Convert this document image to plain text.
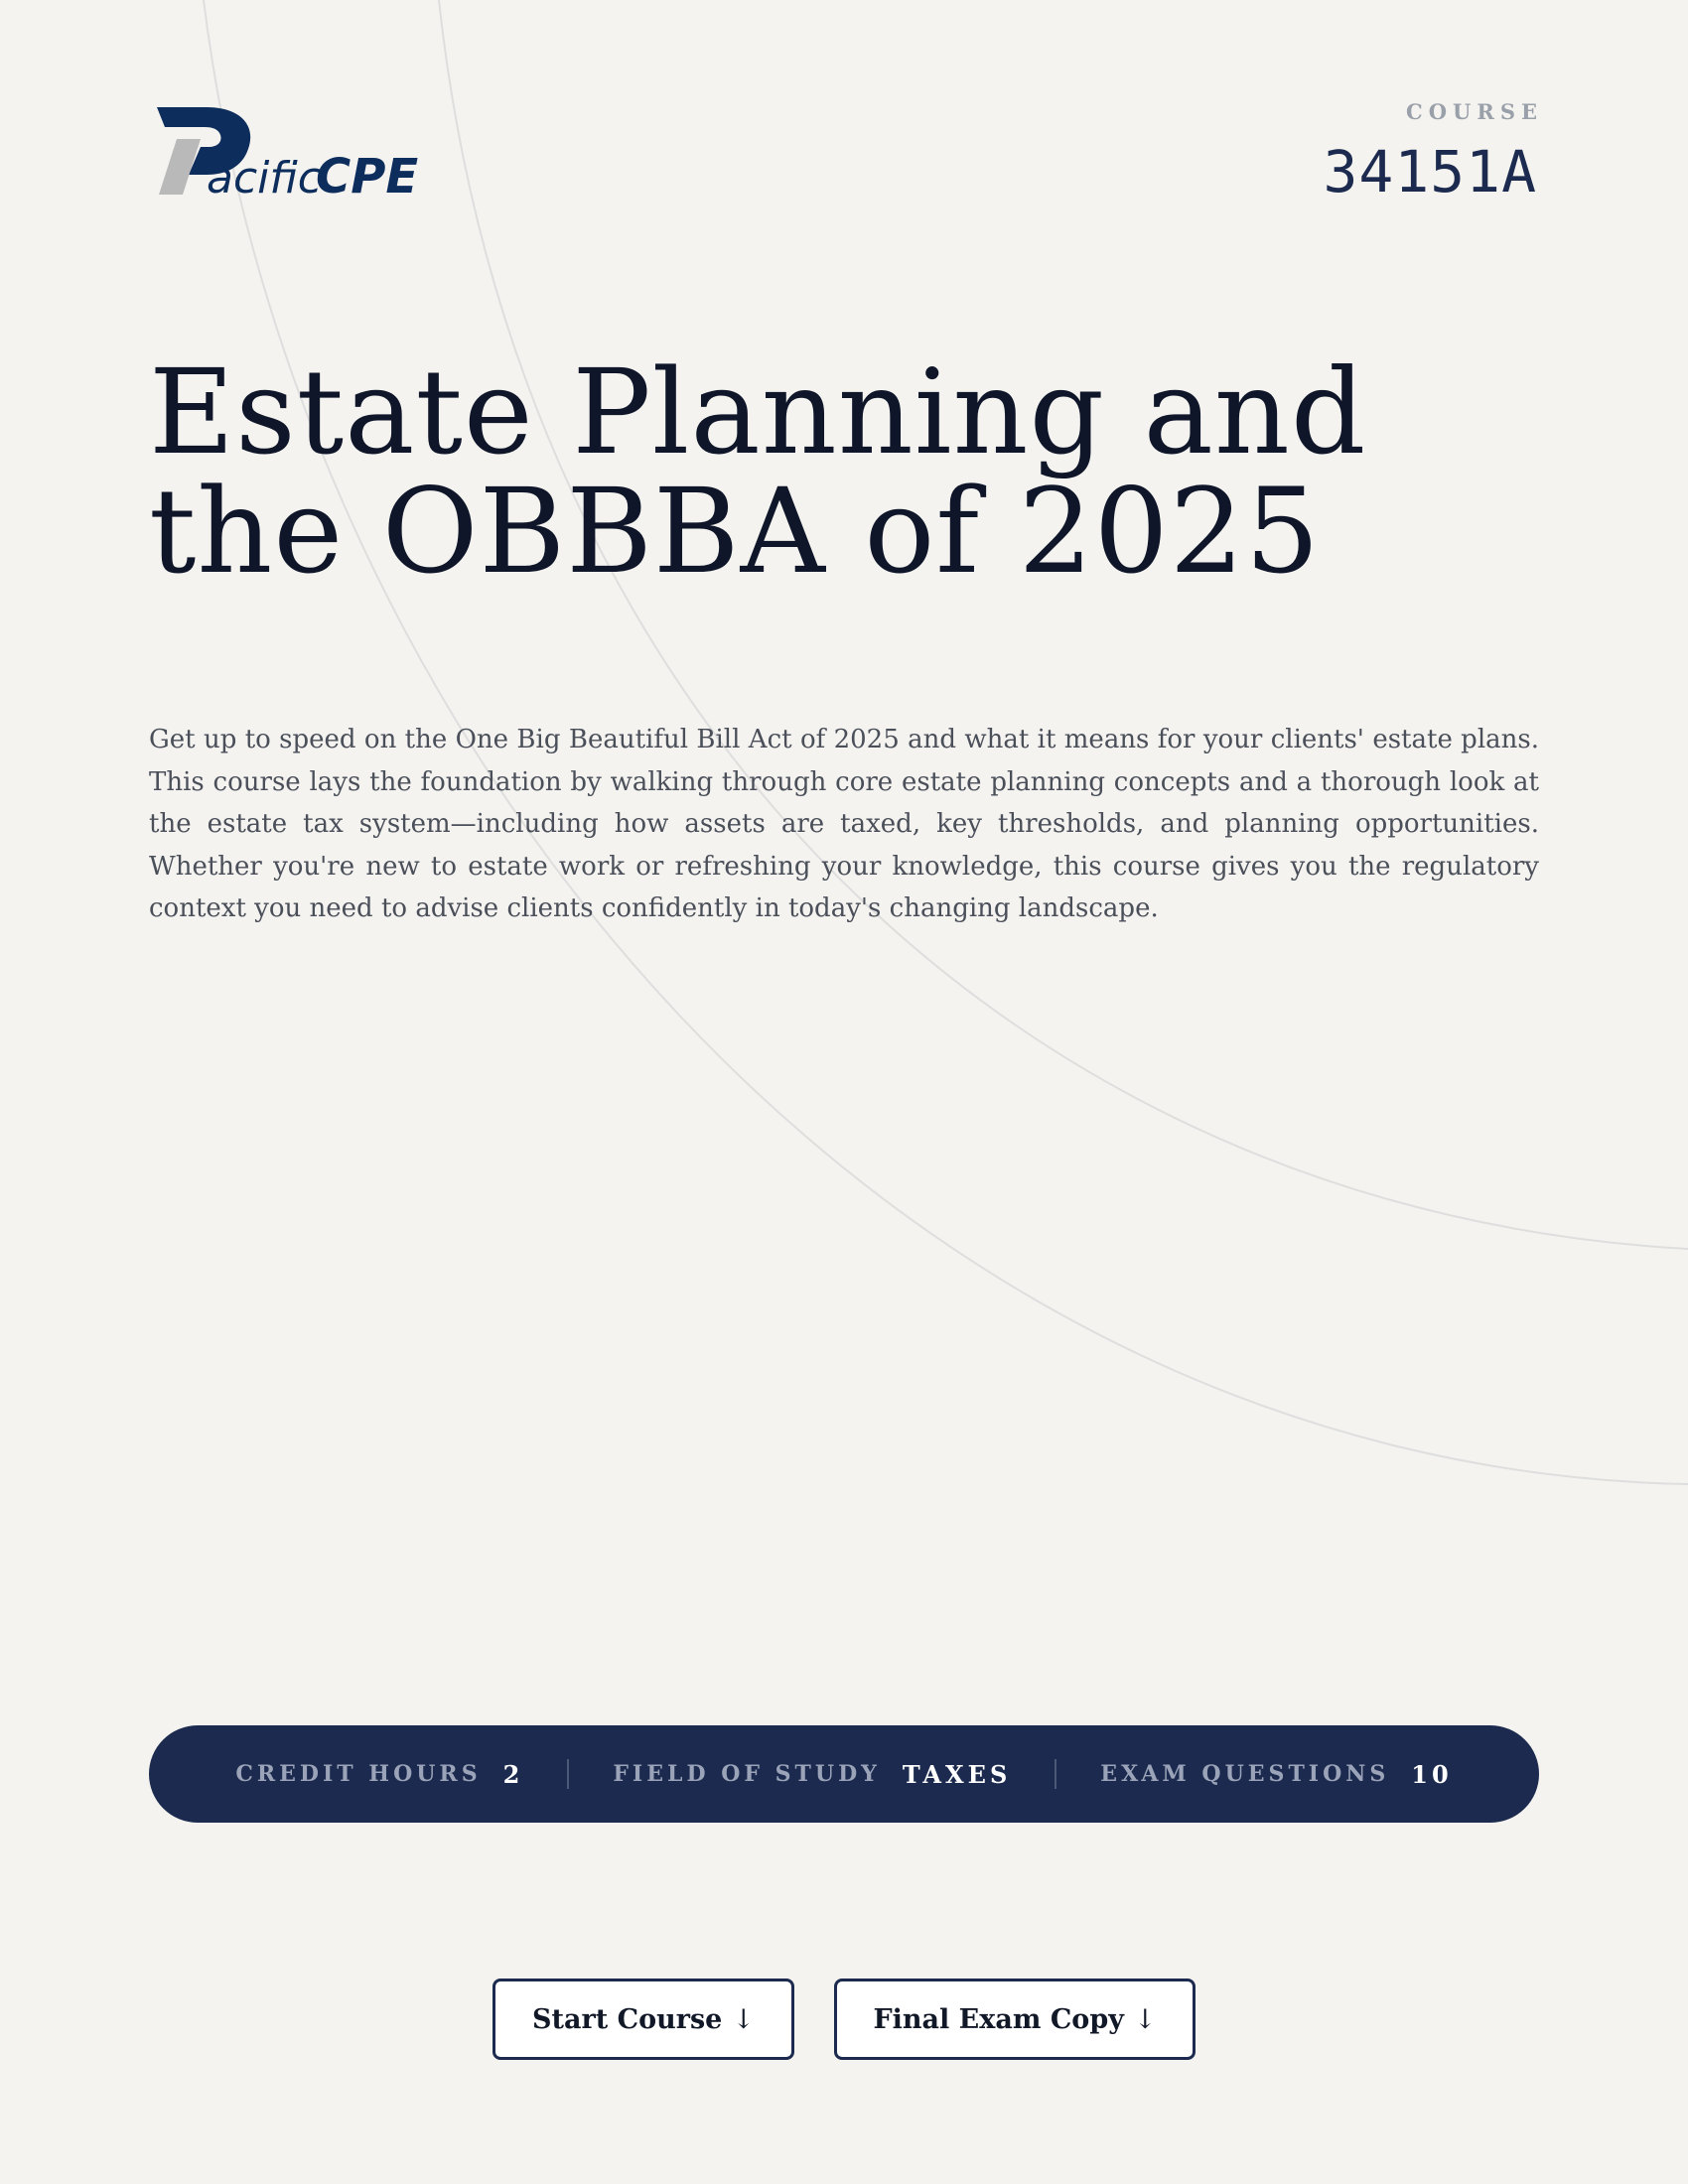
acific
CPE
COURSE
34151A
Estate Planning and
the OBBBA of 2025

Get up to speed on the One Big Beautiful Bill Act of 2025 and what it means for your clients' estate plans. This course lays the foundation by walking through core estate planning concepts and a thorough look at the estate tax system—including how assets are taxed, key thresholds, and planning opportunities. Whether you're new to estate work or refreshing your knowledge, this course gives you the regulatory context you need to advise clients confidently in today's changing landscape.

CREDIT HOURS 2	FIELD OF STUDY TAXES	EXAM QUESTIONS 10
Start Course ↓	Final Exam Copy ↓
